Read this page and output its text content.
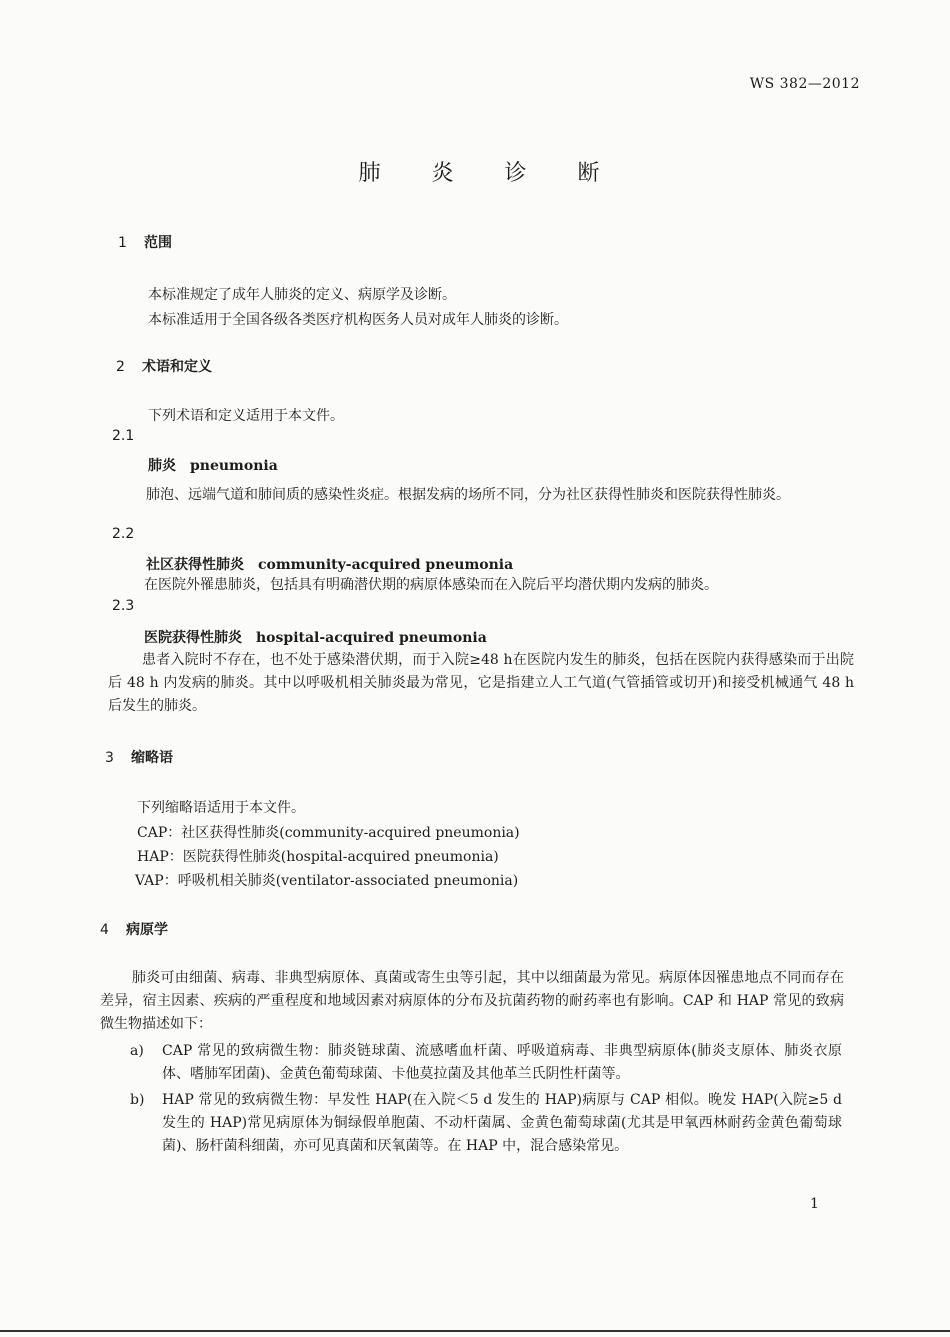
WS 382—2012
肺 炎 诊 断
1 范围
本标准规定了成年人肺炎的定义、病原学及诊断。
本标准适用于全国各级各类医疗机构医务人员对成年人肺炎的诊断。
2 术语和定义
下列术语和定义适用于本文件。
2.1
肺炎 pneumonia
肺泡、远端气道和肺间质的感染性炎症。根据发病的场所不同，分为社区获得性肺炎和医院获得性肺炎。
2.2
社区获得性肺炎 community-acquired pneumonia
在医院外罹患肺炎，包括具有明确潜伏期的病原体感染而在入院后平均潜伏期内发病的肺炎。
2.3
医院获得性肺炎 hospital-acquired pneumonia
患者入院时不存在，也不处于感染潜伏期，而于入院≥48 h在医院内发生的肺炎，包括在医院内获得感染而于出院后 48 h 内发病的肺炎。其中以呼吸机相关肺炎最为常见，它是指建立人工气道(气管插管或切开)和接受机械通气 48 h 后发生的肺炎。
3 缩略语
下列缩略语适用于本文件。
CAP：社区获得性肺炎(community-acquired pneumonia)
HAP：医院获得性肺炎(hospital-acquired pneumonia)
VAP：呼吸机相关肺炎(ventilator-associated pneumonia)
4 病原学
肺炎可由细菌、病毒、非典型病原体、真菌或寄生虫等引起，其中以细菌最为常见。病原体因罹患地点不同而存在差异，宿主因素、疾病的严重程度和地域因素对病原体的分布及抗菌药物的耐药率也有影响。CAP 和 HAP 常见的致病微生物描述如下：
a) CAP 常见的致病微生物：肺炎链球菌、流感嗜血杆菌、呼吸道病毒、非典型病原体(肺炎支原体、肺炎衣原体、嗜肺军团菌)、金黄色葡萄球菌、卡他莫拉菌及其他革兰氏阴性杆菌等。
b) HAP 常见的致病微生物：早发性 HAP(在入院＜5 d 发生的 HAP)病原与 CAP 相似。晚发 HAP(入院≥5 d 发生的 HAP)常见病原体为铜绿假单胞菌、不动杆菌属、金黄色葡萄球菌(尤其是甲氧西林耐药金黄色葡萄球菌)、肠杆菌科细菌，亦可见真菌和厌氧菌等。在 HAP 中，混合感染常见。
1
